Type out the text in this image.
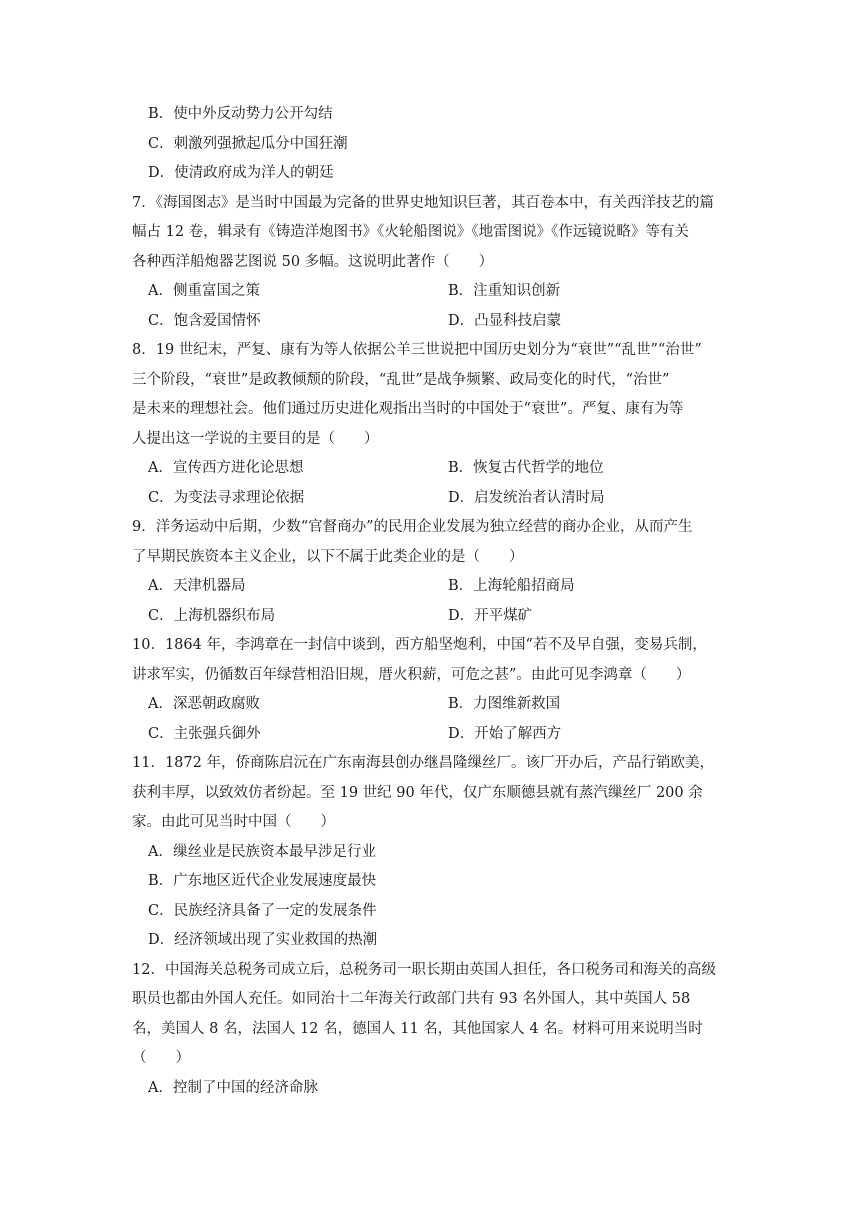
B．使中外反动势力公开勾结
C．刺激列强掀起瓜分中国狂潮
D．使清政府成为洋人的朝廷
7．《海国图志》是当时中国最为完备的世界史地知识巨著，其百卷本中，有关西洋技艺的篇
幅占 12 卷，辑录有《铸造洋炮图书》《火轮船图说》《地雷图说》《作远镜说略》等有关
各种西洋船炮器艺图说 50 多幅。这说明此著作（　　）
A．侧重富国之策	B．注重知识创新
C．饱含爱国情怀	D．凸显科技启蒙
8．19 世纪末，严复、康有为等人依据公羊三世说把中国历史划分为“衰世”“乱世”“治世”
三个阶段，“衰世”是政教倾颓的阶段，“乱世”是战争频繁、政局变化的时代，“治世”
是未来的理想社会。他们通过历史进化观指出当时的中国处于“衰世”。严复、康有为等
人提出这一学说的主要目的是（　　）
A．宣传西方进化论思想	B．恢复古代哲学的地位
C．为变法寻求理论依据	D．启发统治者认清时局
9．洋务运动中后期，少数“官督商办”的民用企业发展为独立经营的商办企业，从而产生
了早期民族资本主义企业，以下不属于此类企业的是（　　）
A．天津机器局	B．上海轮船招商局
C．上海机器织布局	D．开平煤矿
10．1864 年，李鸿章在一封信中谈到，西方船坚炮利，中国“若不及早自强，变易兵制，
讲求军实，仍循数百年绿营相沿旧规，厝火积薪，可危之甚”。由此可见李鸿章（　　）
A．深恶朝政腐败	B．力图维新救国
C．主张强兵御外	D．开始了解西方
11．1872 年，侨商陈启沅在广东南海县创办继昌隆缫丝厂。该厂开办后，产品行销欧美，
获利丰厚，以致效仿者纷起。至 19 世纪 90 年代，仅广东顺德县就有蒸汽缫丝厂 200 余
家。由此可见当时中国（　　）
A．缫丝业是民族资本最早涉足行业
B．广东地区近代企业发展速度最快
C．民族经济具备了一定的发展条件
D．经济领域出现了实业救国的热潮
12．中国海关总税务司成立后，总税务司一职长期由英国人担任，各口税务司和海关的高级
职员也都由外国人充任。如同治十二年海关行政部门共有 93 名外国人，其中英国人 58
名，美国人 8 名，法国人 12 名，德国人 11 名，其他国家人 4 名。材料可用来说明当时
（　　）
A．控制了中国的经济命脉
